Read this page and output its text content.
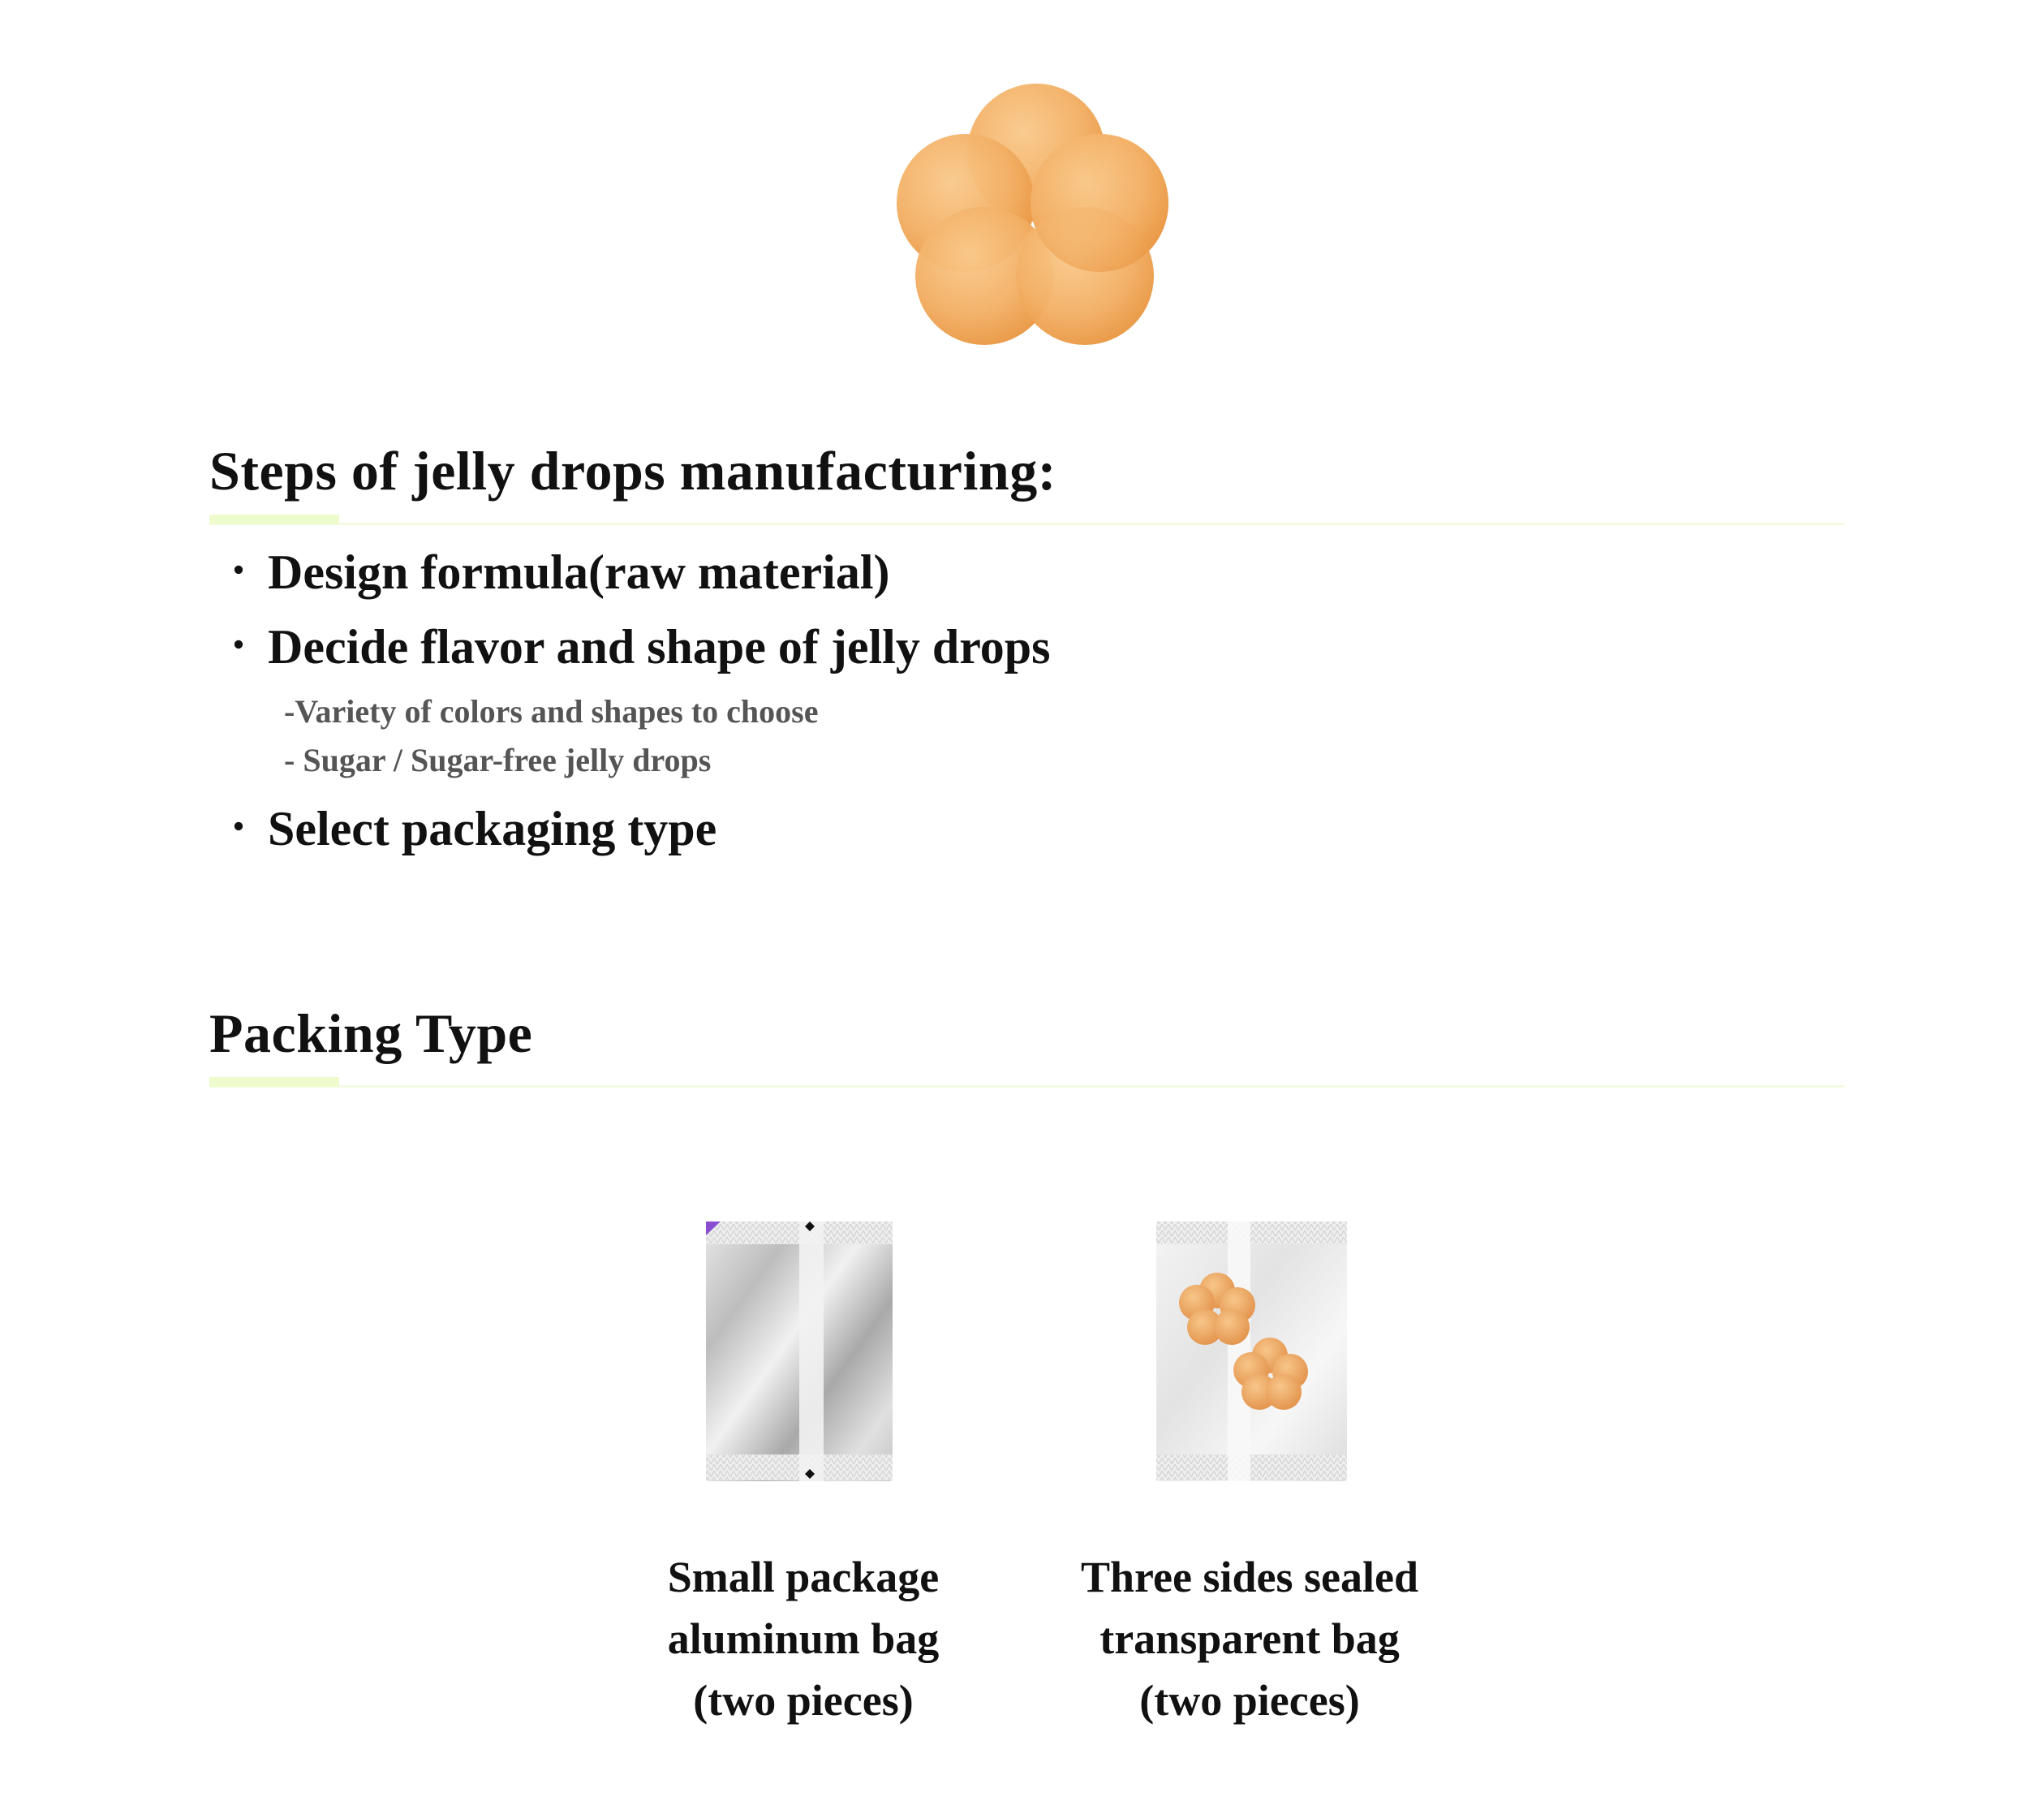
Steps of jelly drops manufacturing:
・ Design formula(raw material)
・ Decide flavor and shape of jelly drops
-Variety of colors and shapes to choose
- Sugar / Sugar-free jelly drops
・ Select packaging type
Packing Type
Small package
aluminum bag
(two pieces)
Three sides sealed
transparent bag
(two pieces)
